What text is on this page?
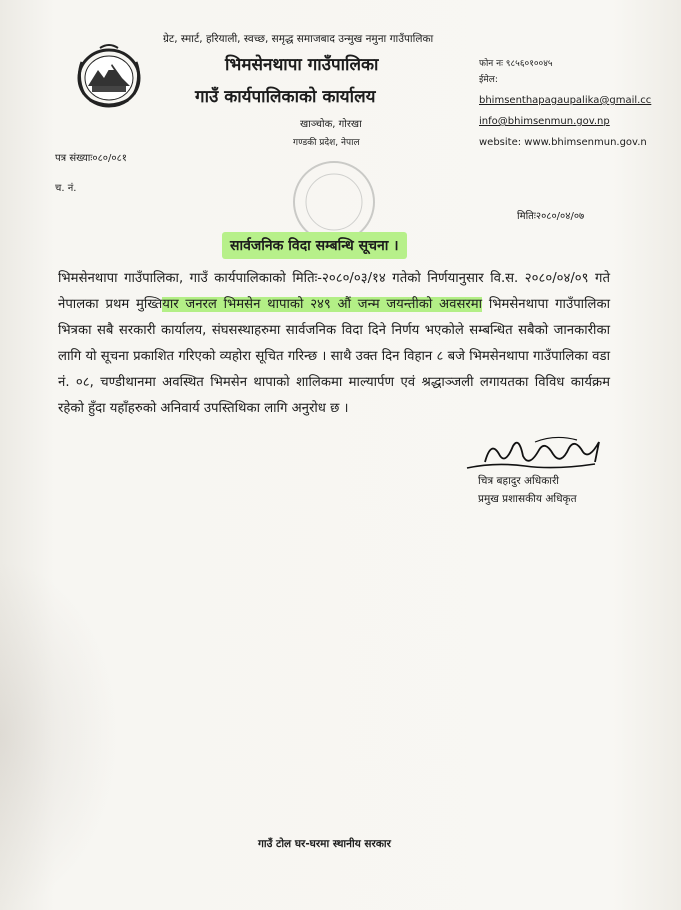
ग्रेट, स्मार्ट, हरियाली, स्वच्छ, समृद्ध समाजबाद उन्मुख नमुना गाउँपालिका
भिमसेनथापा गाउँपालिका
गाउँ कार्यपालिकाको कार्यालय
खाञ्चोक, गोरखा
गण्डकी प्रदेश, नेपाल
फोन नः ९८५६०१००४५
ईमेल:
bhimsenthapagaupalika@gmail.cc
info@bhimsenmun.gov.np
website: www.bhimsenmun.gov.n
पत्र संख्याः०८०/०८१
च. नं.
मितिः२०८०/०४/०७
सार्वजनिक विदा सम्बन्धि सूचना ।
भिमसेनथापा गाउँपालिका, गाउँ कार्यपालिकाको मितिः-२०८०/०३/१४ गतेको निर्णयानुसार वि.स. २०८०/०४/०९ गते नेपालका प्रथम मुख्तियार जनरल भिमसेन थापाको २४९ औं जन्म जयन्तीको अवसरमा भिमसेनथापा गाउँपालिका भित्रका सबै सरकारी कार्यालय, संघसस्थाहरुमा सार्वजनिक विदा दिने निर्णय भएकोले सम्बन्धित सबैको जानकारीका लागि यो सूचना प्रकाशित गरिएको व्यहोरा सूचित गरिन्छ । साथै उक्त दिन विहान ८ बजे भिमसेनथापा गाउँपालिका वडा नं. ०८, चण्डीथानमा अवस्थित भिमसेन थापाको शालिकमा माल्यार्पण एवं श्रद्धाञ्जली लगायतका विविध कार्यक्रम रहेको हुँदा यहाँहरुको अनिवार्य उपस्तिथिका लागि अनुरोध छ ।
चित्र बहादुर अधिकारी
प्रमुख प्रशासकीय अधिकृत
गाउँ टोल घर-घरमा स्थानीय सरकार
